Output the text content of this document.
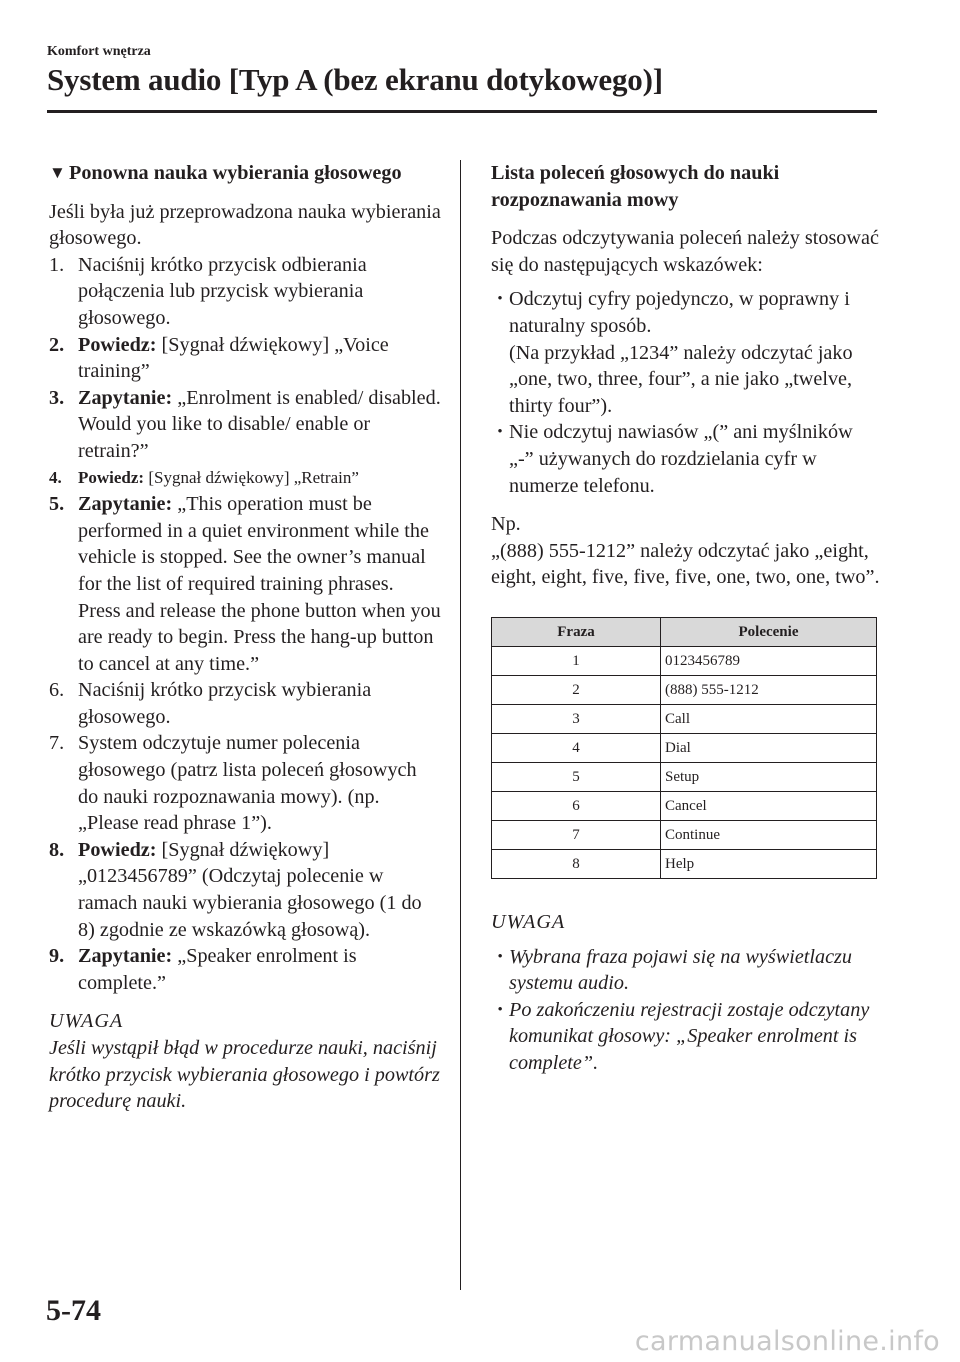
Komfort wnętrza
System audio [Typ A (bez ekranu dotykowego)]
▼ Ponowna nauka wybierania głosowego

Jeśli była już przeprowadzona nauka wybierania głosowego.

1. Naciśnij krótko przycisk odbierania połączenia lub przycisk wybierania głosowego.
2. Powiedz: [Sygnał dźwiękowy] „Voice training”
3. Zapytanie: „Enrolment is enabled/ disabled. Would you like to disable/ enable or retrain?”
4. Powiedz: [Sygnał dźwiękowy] „Retrain”
5. Zapytanie: „This operation must be performed in a quiet environment while the vehicle is stopped. See the owner’s manual for the list of required training phrases. Press and release the phone button when you are ready to begin. Press the hang-up button to cancel at any time.”
6. Naciśnij krótko przycisk wybierania głosowego.
7. System odczytuje numer polecenia głosowego (patrz lista poleceń głosowych do nauki rozpoznawania mowy). (np. „Please read phrase 1”).
8. Powiedz: [Sygnał dźwiękowy] „0123456789” (Odczytaj polecenie w ramach nauki wybierania głosowego (1 do 8) zgodnie ze wskazówką głosową).
9. Zapytanie: „Speaker enrolment is complete.”
UWAGA
Jeśli wystąpił błąd w procedurze nauki, naciśnij krótko przycisk wybierania głosowego i powtórz procedurę nauki.
Lista poleceń głosowych do nauki rozpoznawania mowy

Podczas odczytywania poleceń należy stosować się do następujących wskazówek:

• Odczytuj cyfry pojedynczo, w poprawny i naturalny sposób.
(Na przykład „1234” należy odczytać jako „one, two, three, four”, a nie jako „twelve, thirty four”).
• Nie odczytuj nawiasów „(” ani myślników „-” używanych do rozdzielania cyfr w numerze telefonu.

Np.

„(888) 555-1212” należy odczytać jako „eight, eight, eight, five, five, five, one, two, one, two”.

Fraza	Polecenie
1	0123456789
2	(888) 555-1212
3	Call
4	Dial
5	Setup
6	Cancel
7	Continue
8	Help
UWAGA
• Wybrana fraza pojawi się na wyświetlaczu systemu audio.
• Po zakończeniu rejestracji zostaje odczytany komunikat głosowy: „Speaker enrolment is complete”.
5-74
carmanualsonline.info
